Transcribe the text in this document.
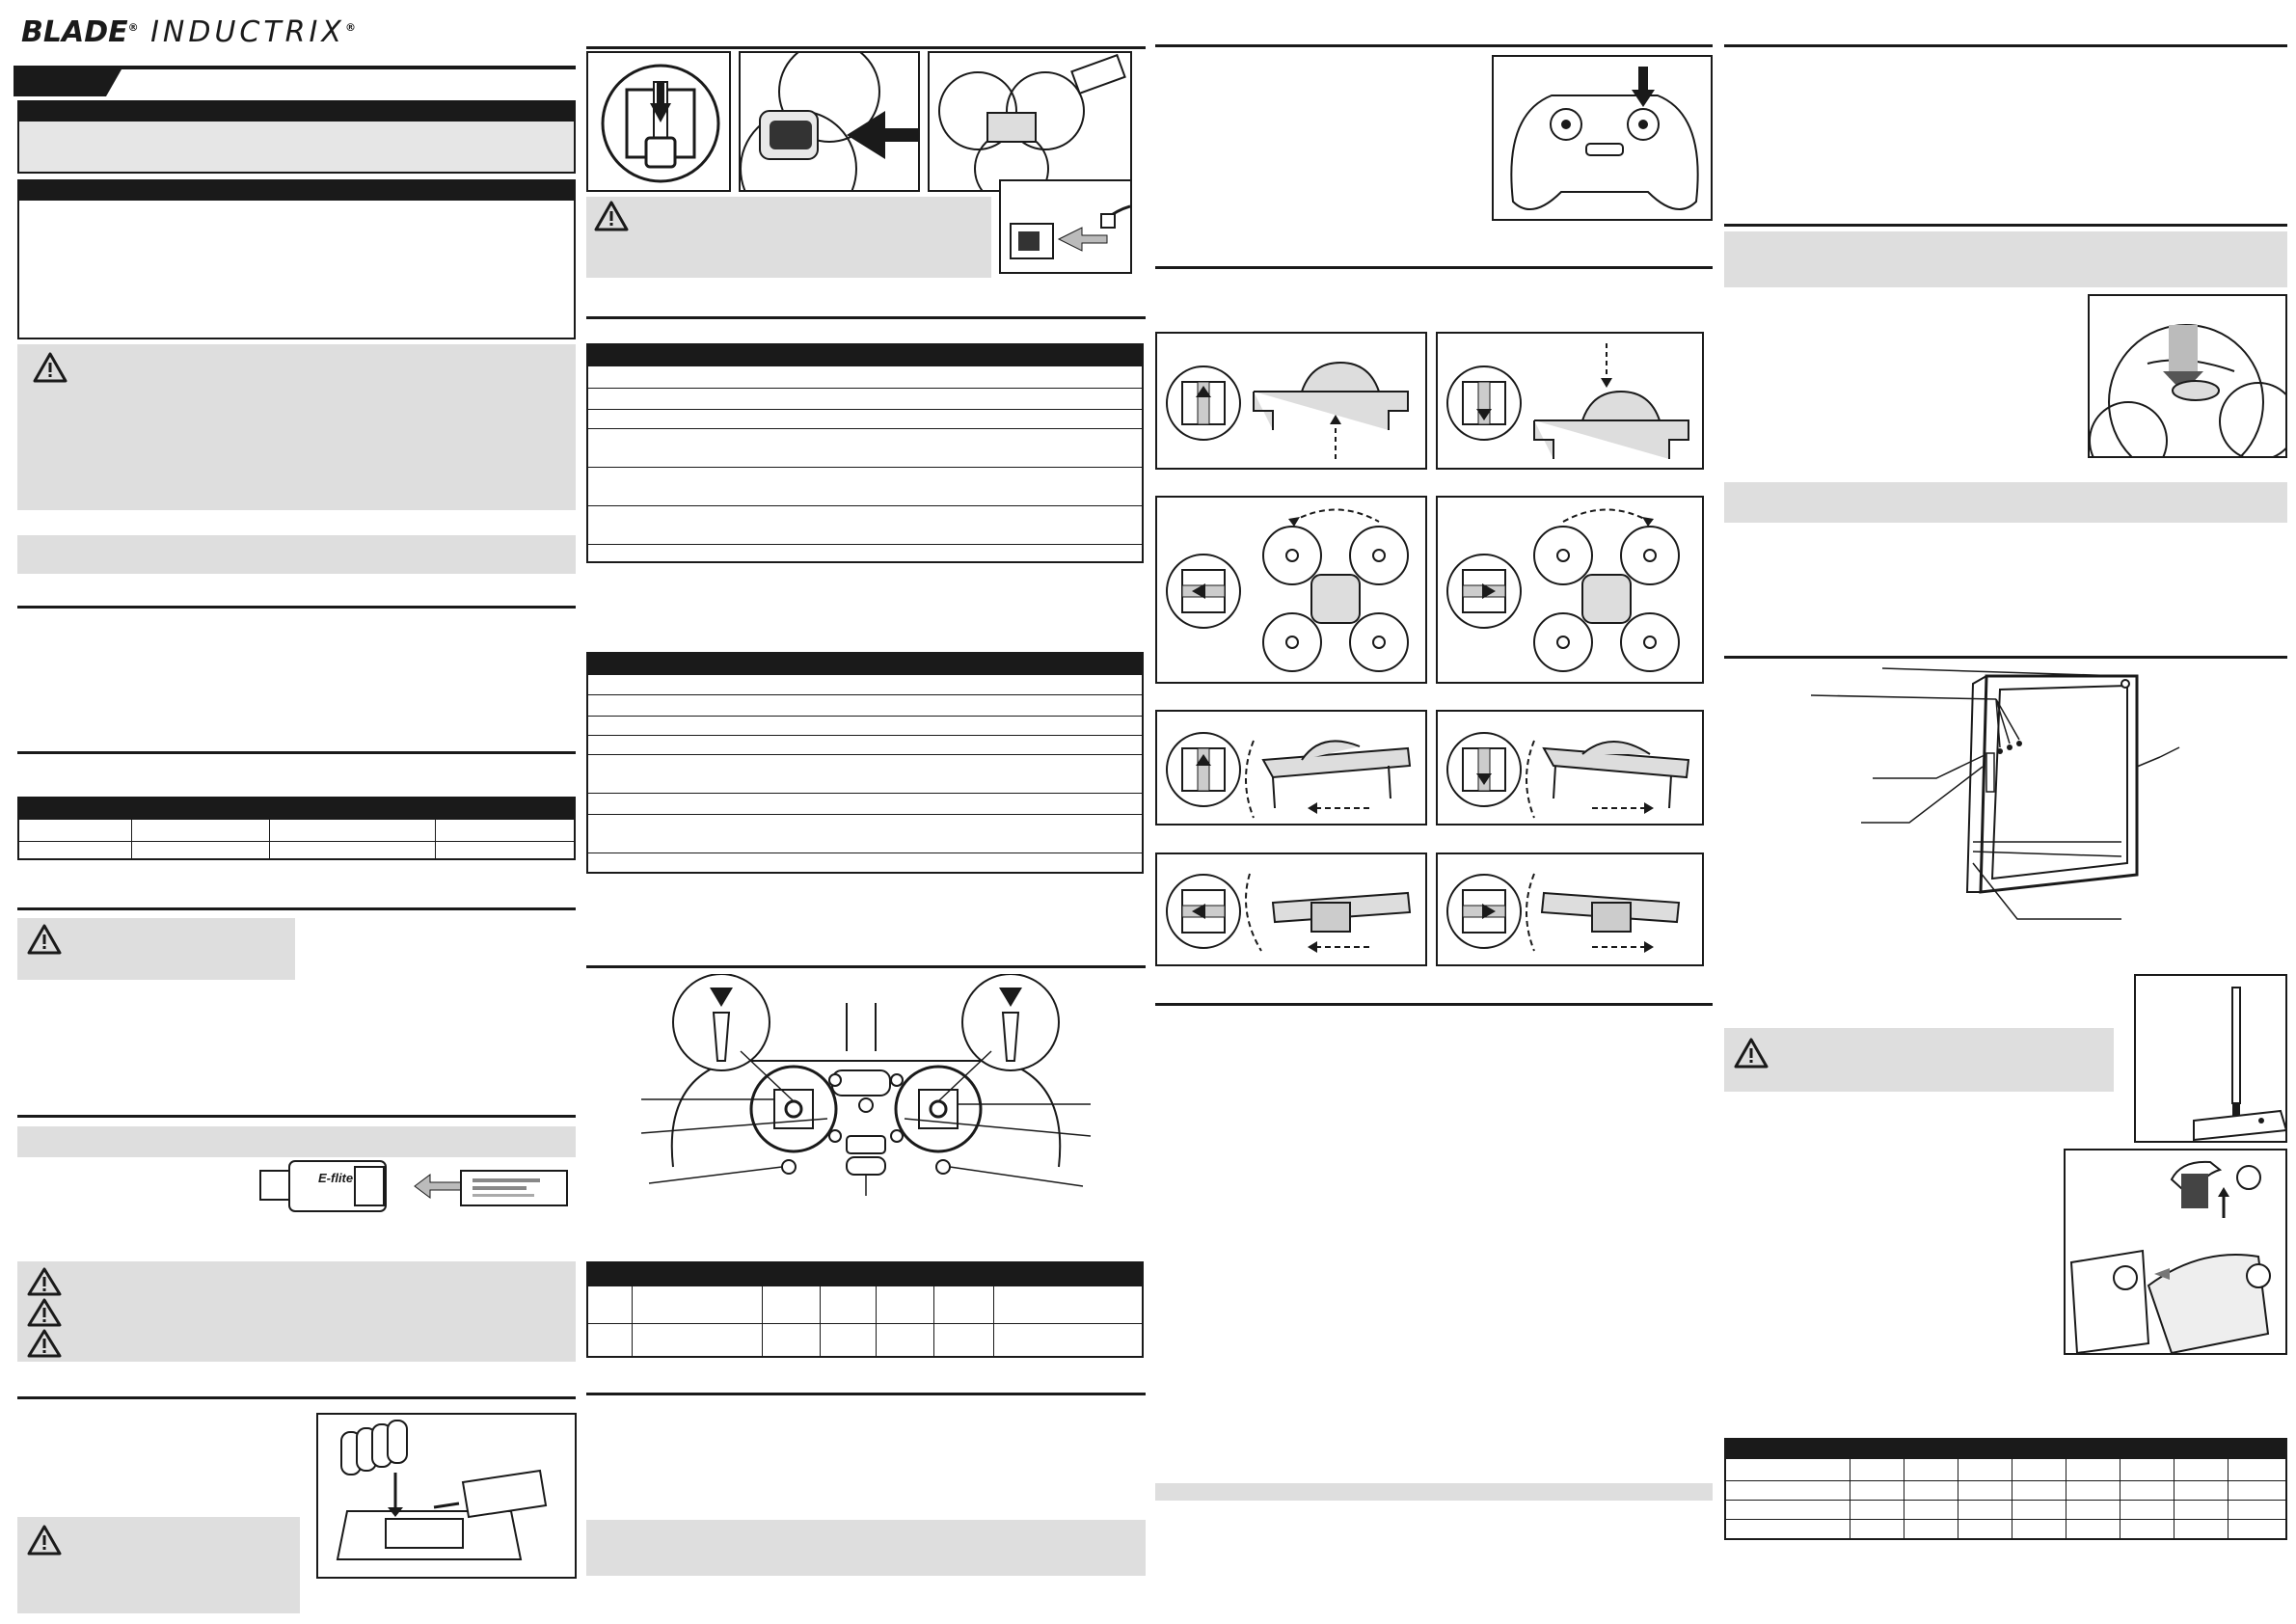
BLADE® INDUCTRIX®
E-flite
